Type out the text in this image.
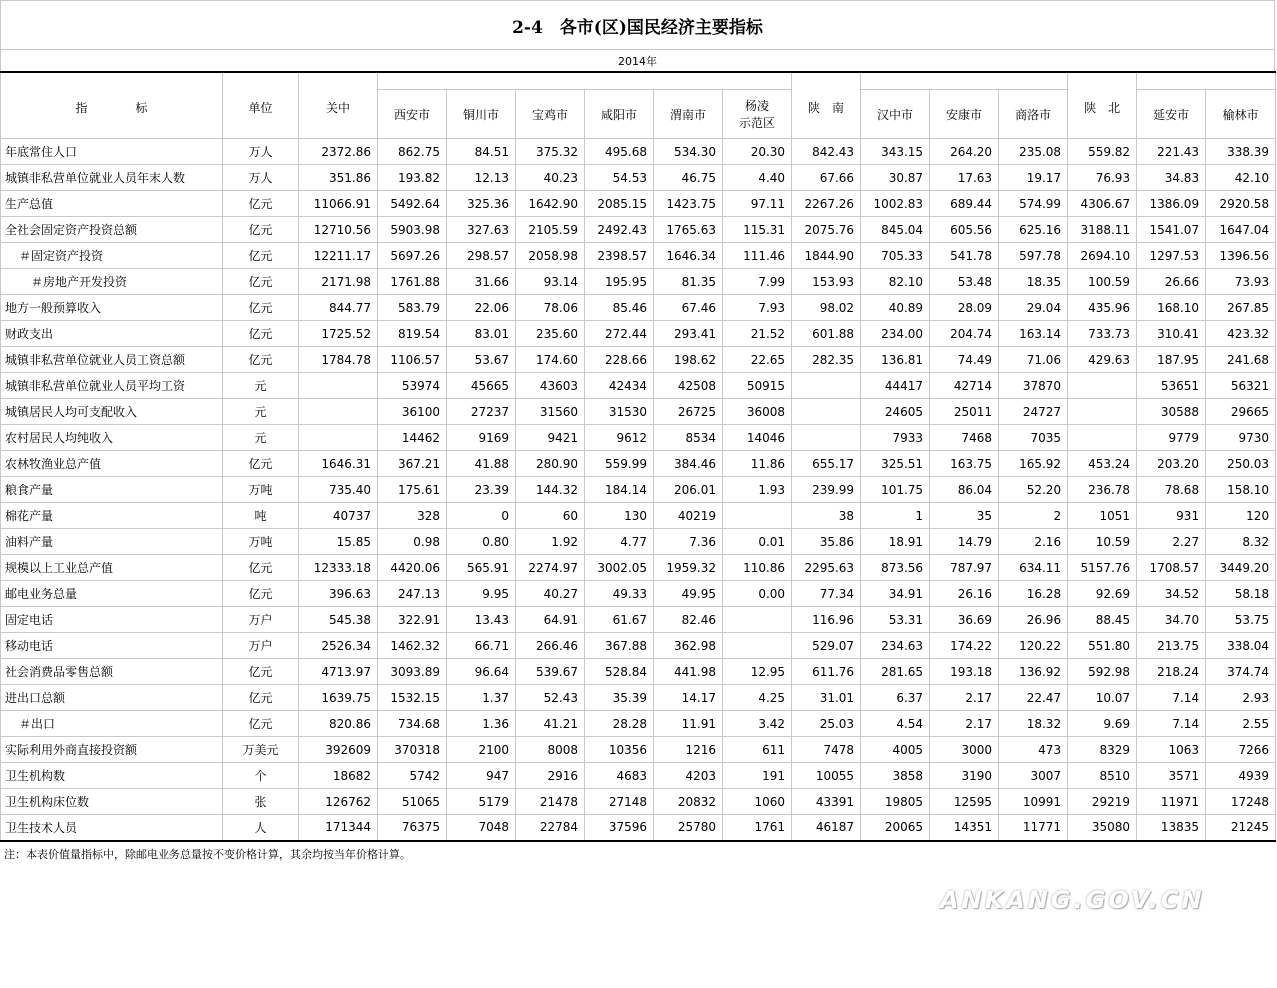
2-4　各市(区)国民经济主要指标
2014年
指　　　　标	单位	关中							陕　南				陕　北		
			西安市	铜川市	宝鸡市	咸阳市	渭南市	杨凌
示范区		汉中市	安康市	商洛市		延安市	榆林市
年底常住人口	万人	2372.86	862.75	84.51	375.32	495.68	534.30	20.30	842.43	343.15	264.20	235.08	559.82	221.43	338.39
城镇非私营单位就业人员年末人数	万人	351.86	193.82	12.13	40.23	54.53	46.75	4.40	67.66	30.87	17.63	19.17	76.93	34.83	42.10
生产总值	亿元	11066.91	5492.64	325.36	1642.90	2085.15	1423.75	97.11	2267.26	1002.83	689.44	574.99	4306.67	1386.09	2920.58
全社会固定资产投资总额	亿元	12710.56	5903.98	327.63	2105.59	2492.43	1765.63	115.31	2075.76	845.04	605.56	625.16	3188.11	1541.07	1647.04
＃固定资产投资	亿元	12211.17	5697.26	298.57	2058.98	2398.57	1646.34	111.46	1844.90	705.33	541.78	597.78	2694.10	1297.53	1396.56
＃房地产开发投资	亿元	2171.98	1761.88	31.66	93.14	195.95	81.35	7.99	153.93	82.10	53.48	18.35	100.59	26.66	73.93
地方一般预算收入	亿元	844.77	583.79	22.06	78.06	85.46	67.46	7.93	98.02	40.89	28.09	29.04	435.96	168.10	267.85
财政支出	亿元	1725.52	819.54	83.01	235.60	272.44	293.41	21.52	601.88	234.00	204.74	163.14	733.73	310.41	423.32
城镇非私营单位就业人员工资总额	亿元	1784.78	1106.57	53.67	174.60	228.66	198.62	22.65	282.35	136.81	74.49	71.06	429.63	187.95	241.68
城镇非私营单位就业人员平均工资	元		53974	45665	43603	42434	42508	50915		44417	42714	37870		53651	56321
城镇居民人均可支配收入	元		36100	27237	31560	31530	26725	36008		24605	25011	24727		30588	29665
农村居民人均纯收入	元		14462	9169	9421	9612	8534	14046		7933	7468	7035		9779	9730
农林牧渔业总产值	亿元	1646.31	367.21	41.88	280.90	559.99	384.46	11.86	655.17	325.51	163.75	165.92	453.24	203.20	250.03
粮食产量	万吨	735.40	175.61	23.39	144.32	184.14	206.01	1.93	239.99	101.75	86.04	52.20	236.78	78.68	158.10
棉花产量	吨	40737	328	0	60	130	40219		38	1	35	2	1051	931	120
油料产量	万吨	15.85	0.98	0.80	1.92	4.77	7.36	0.01	35.86	18.91	14.79	2.16	10.59	2.27	8.32
规模以上工业总产值	亿元	12333.18	4420.06	565.91	2274.97	3002.05	1959.32	110.86	2295.63	873.56	787.97	634.11	5157.76	1708.57	3449.20
邮电业务总量	亿元	396.63	247.13	9.95	40.27	49.33	49.95	0.00	77.34	34.91	26.16	16.28	92.69	34.52	58.18
固定电话	万户	545.38	322.91	13.43	64.91	61.67	82.46		116.96	53.31	36.69	26.96	88.45	34.70	53.75
移动电话	万户	2526.34	1462.32	66.71	266.46	367.88	362.98		529.07	234.63	174.22	120.22	551.80	213.75	338.04
社会消费品零售总额	亿元	4713.97	3093.89	96.64	539.67	528.84	441.98	12.95	611.76	281.65	193.18	136.92	592.98	218.24	374.74
进出口总额	亿元	1639.75	1532.15	1.37	52.43	35.39	14.17	4.25	31.01	6.37	2.17	22.47	10.07	7.14	2.93
＃出口	亿元	820.86	734.68	1.36	41.21	28.28	11.91	3.42	25.03	4.54	2.17	18.32	9.69	7.14	2.55
实际利用外商直接投资额	万美元	392609	370318	2100	8008	10356	1216	611	7478	4005	3000	473	8329	1063	7266
卫生机构数	个	18682	5742	947	2916	4683	4203	191	10055	3858	3190	3007	8510	3571	4939
卫生机构床位数	张	126762	51065	5179	21478	27148	20832	1060	43391	19805	12595	10991	29219	11971	17248
卫生技术人员	人	171344	76375	7048	22784	37596	25780	1761	46187	20065	14351	11771	35080	13835	21245
注：本表价值量指标中，除邮电业务总量按不变价格计算，其余均按当年价格计算。
ANKANG.GOV.CN
